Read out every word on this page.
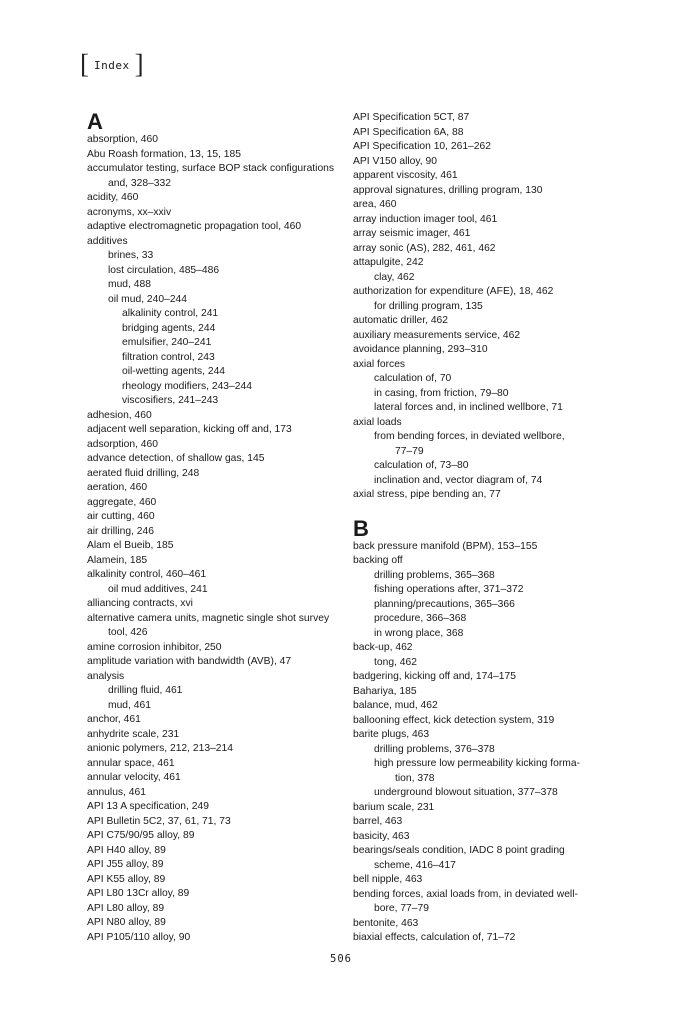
[ Index ]
A
absorption, 460
Abu Roash formation, 13, 15, 185
accumulator testing, surface BOP stack configurations
and, 328–332
acidity, 460
acronyms, xx–xxiv
adaptive electromagnetic propagation tool, 460
additives
brines, 33
lost circulation, 485–486
mud, 488
oil mud, 240–244
alkalinity control, 241
bridging agents, 244
emulsifier, 240–241
filtration control, 243
oil-wetting agents, 244
rheology modifiers, 243–244
viscosifiers, 241–243
adhesion, 460
adjacent well separation, kicking off and, 173
adsorption, 460
advance detection, of shallow gas, 145
aerated fluid drilling, 248
aeration, 460
aggregate, 460
air cutting, 460
air drilling, 246
Alam el Bueib, 185
Alamein, 185
alkalinity control, 460–461
oil mud additives, 241
alliancing contracts, xvi
alternative camera units, magnetic single shot survey
tool, 426
amine corrosion inhibitor, 250
amplitude variation with bandwidth (AVB), 47
analysis
drilling fluid, 461
mud, 461
anchor, 461
anhydrite scale, 231
anionic polymers, 212, 213–214
annular space, 461
annular velocity, 461
annulus, 461
API 13 A specification, 249
API Bulletin 5C2, 37, 61, 71, 73
API C75/90/95 alloy, 89
API H40 alloy, 89
API J55 alloy, 89
API K55 alloy, 89
API L80 13Cr alloy, 89
API L80 alloy, 89
API N80 alloy, 89
API P105/110 alloy, 90
API Specification 5CT, 87
API Specification 6A, 88
API Specification 10, 261–262
API V150 alloy, 90
apparent viscosity, 461
approval signatures, drilling program, 130
area, 460
array induction imager tool, 461
array seismic imager, 461
array sonic (AS), 282, 461, 462
attapulgite, 242
clay, 462
authorization for expenditure (AFE), 18, 462
for drilling program, 135
automatic driller, 462
auxiliary measurements service, 462
avoidance planning, 293–310
axial forces
calculation of, 70
in casing, from friction, 79–80
lateral forces and, in inclined wellbore, 71
axial loads
from bending forces, in deviated wellbore,
77–79
calculation of, 73–80
inclination and, vector diagram of, 74
axial stress, pipe bending an, 77
B
back pressure manifold (BPM), 153–155
backing off
drilling problems, 365–368
fishing operations after, 371–372
planning/precautions, 365–366
procedure, 366–368
in wrong place, 368
back-up, 462
tong, 462
badgering, kicking off and, 174–175
Bahariya, 185
balance, mud, 462
ballooning effect, kick detection system, 319
barite plugs, 463
drilling problems, 376–378
high pressure low permeability kicking forma-
tion, 378
underground blowout situation, 377–378
barium scale, 231
barrel, 463
basicity, 463
bearings/seals condition, IADC 8 point grading
scheme, 416–417
bell nipple, 463
bending forces, axial loads from, in deviated well-
bore, 77–79
bentonite, 463
biaxial effects, calculation of, 71–72
506
